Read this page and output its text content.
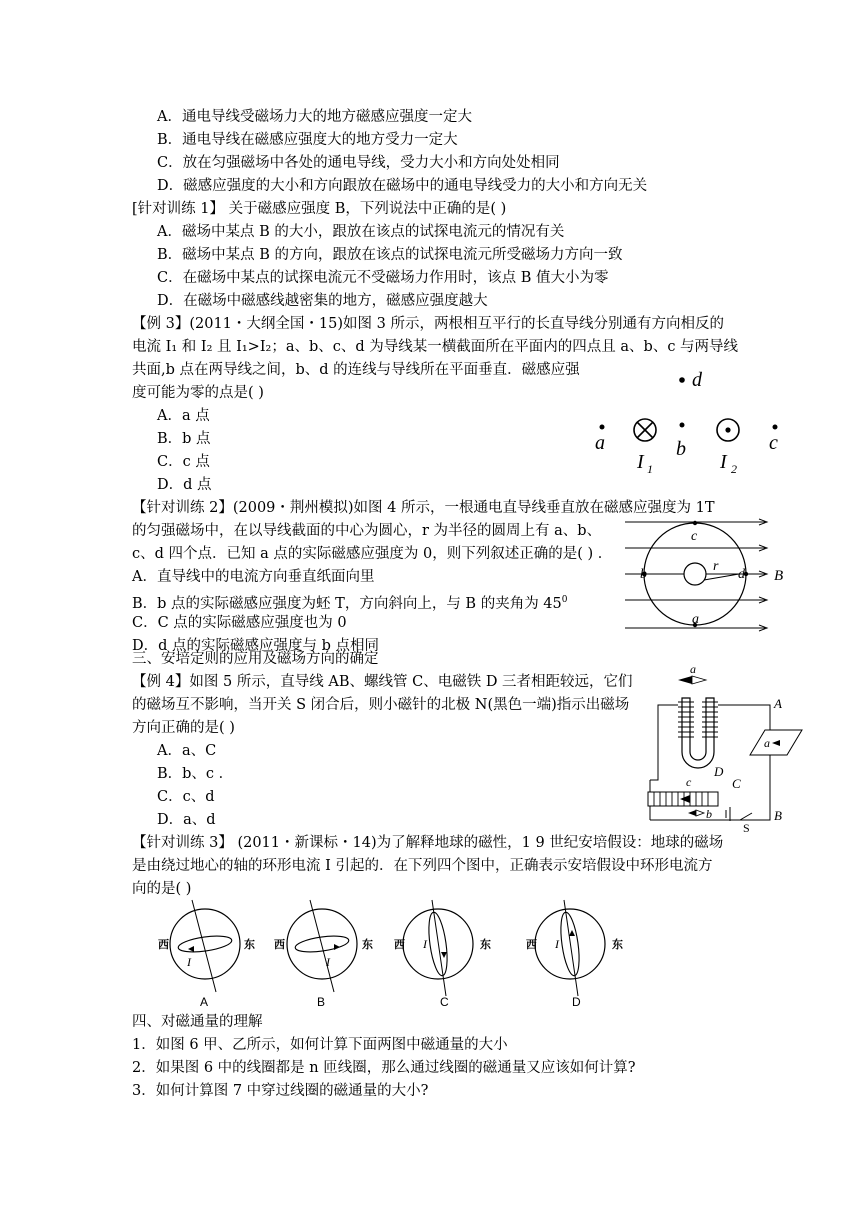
A．通电导线受磁场力大的地方磁感应强度一定大
B．通电导线在磁感应强度大的地方受力一定大
C．放在匀强磁场中各处的通电导线，受力大小和方向处处相同
D．磁感应强度的大小和方向跟放在磁场中的通电导线受力的大小和方向无关
[针对训练 1】 关于磁感应强度 B，下列说法中正确的是( )
A．磁场中某点 B 的大小，跟放在该点的试探电流元的情况有关
B．磁场中某点 B 的方向，跟放在该点的试探电流元所受磁场力方向一致
C．在磁场中某点的试探电流元不受磁场力作用时，该点 B 值大小为零
D．在磁场中磁感线越密集的地方，磁感应强度越大
【例 3】(2011・大纲全国・15)如图 3 所示，两根相互平行的长直导线分别通有方向相反的
电流 I₁ 和 I₂ 且 I₁>I₂；a、b、c、d 为导线某一横截面所在平面内的四点且 a、b、c 与两导线
共面,b 点在两导线之间，b、d 的连线与导线所在平面垂直．磁感应强
度可能为零的点是( )
A．a 点
B．b 点
C．c 点
D．d 点
d
a
I 1
b
I 2
c
【针对训练 2】(2009・荆州模拟)如图 4 所示，一根通电直导线垂直放在磁感应强度为 1T
的匀强磁场中，在以导线截面的中心为圆心，r 为半径的圆周上有 a、b、
c、d 四个点．已知 a 点的实际磁感应强度为 0，则下列叙述正确的是( ) ．
A．直导线中的电流方向垂直纸面向里
B．b 点的实际磁感应强度为蚽 T，方向斜向上，与 B 的夹角为 $45^0$
C．C 点的实际磁感应强度也为 0
D．d 点的实际磁感应强度与 b 点相同
r
c
a
b	d B
三、安培定则的应用及磁场方向的确定
【例 4】如图 5 所示，直导线 AB、螺线管 C、电磁铁 D 三者相距较远，它们
的磁场互不影响，当开关 S 闭合后，则小磁针的北极 N(黑色一端)指示出磁场
方向正确的是( )
A．a、C
B．b、c ．
C．c、d
D．a、d
a
A
a
D
C
c
b
S
B
【针对训练 3】 (2011・新课标・14)为了解释地球的磁性，1 9 世纪安培假设：地球的磁场
是由绕过地心的轴的环形电流 I 引起的．在下列四个图中，正确表示安培假设中环形电流方
向的是( )
西	东
I
A
西	东
I
B
西	东
I
C
西	东
I
D
四、对磁通量的理解
1．如图 6 甲、乙所示，如何计算下面两图中磁通量的大小
2．如果图 6 中的线圈都是 n 匝线圈，那么通过线圈的磁通量又应该如何计算?
3．如何计算图 7 中穿过线圈的磁通量的大小?
